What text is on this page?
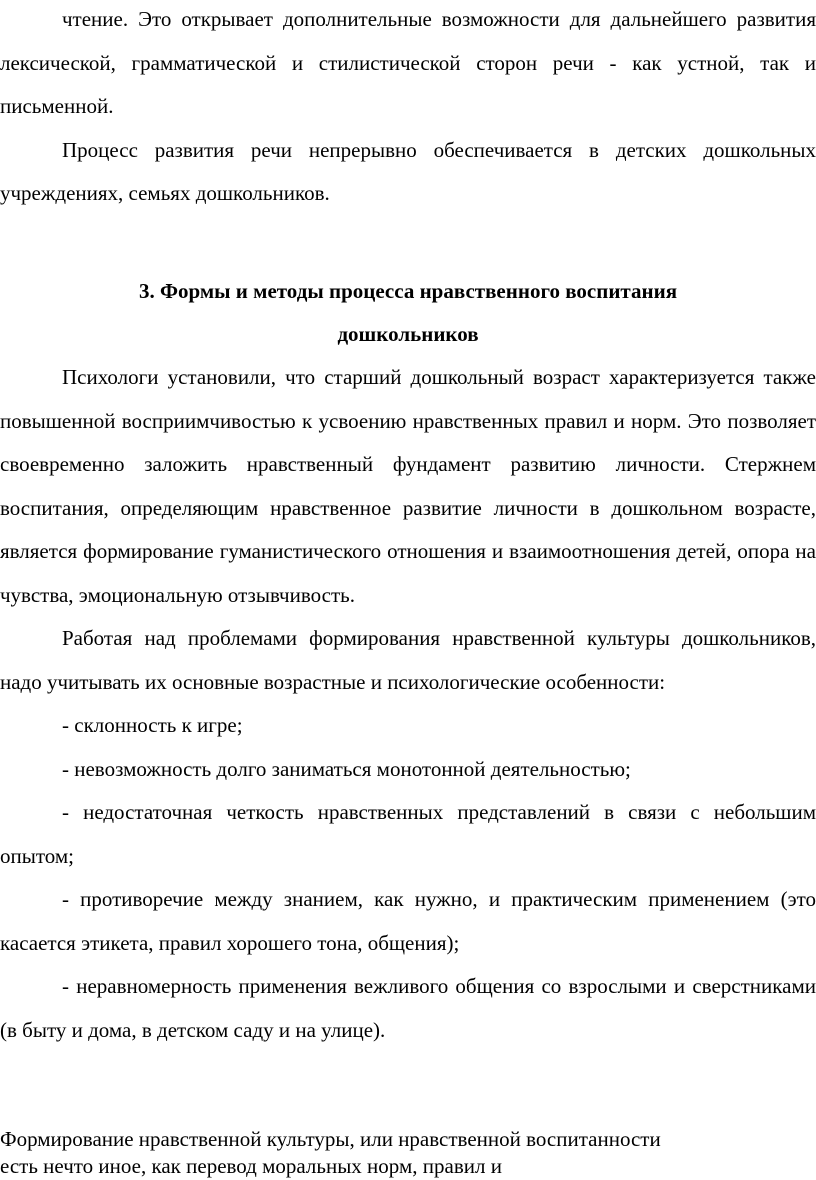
чтение. Это открывает дополнительные возможности для дальнейшего развития лексической, грамматической и стилистической сторон речи - как устной, так и письменной.

Процесс развития речи непрерывно обеспечивается в детских дошкольных учреждениях, семьях дошкольников.

3. Формы и методы процесса нравственного воспитания
дошкольников

Психологи установили, что старший дошкольный возраст характеризуется также повышенной восприимчивостью к усвоению нравственных правил и норм. Это позволяет своевременно заложить нравственный фундамент развитию личности. Стержнем воспитания, определяющим нравственное развитие личности в дошкольном возрасте, является формирование гуманистического отношения и взаимоотношения детей, опора на чувства, эмоциональную отзывчивость.

Работая над проблемами формирования нравственной культуры дошкольников, надо учитывать их основные возрастные и психологические особенности:

- склонность к игре;

- невозможность долго заниматься монотонной деятельностью;

- недостаточная четкость нравственных представлений в связи с небольшим опытом;

- противоречие между знанием, как нужно, и практическим применением (это касается этикета, правил хорошего тона, общения);

- неравномерность применения вежливого общения со взрослыми и сверстниками (в быту и дома, в детском саду и на улице).

Формирование нравственной культуры, или нравственной воспитанности

есть нечто иное, как перевод моральных норм, правил и
